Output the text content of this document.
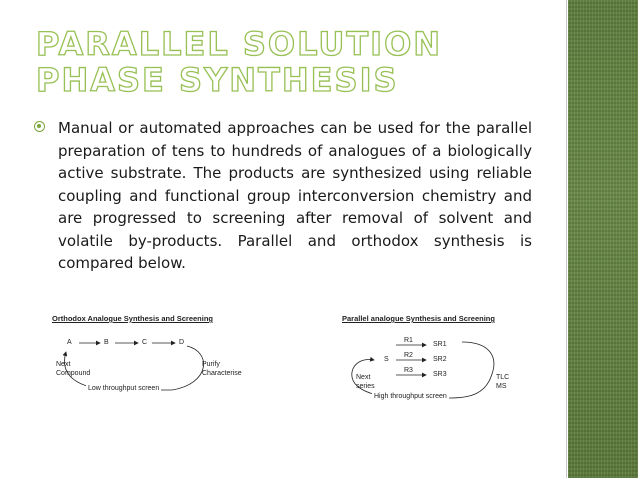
PARALLEL SOLUTION PHASE SYNTHESIS
Manual or automated approaches can be used for the parallel preparation of tens to hundreds of analogues of a biologically active substrate. The products are synthesized using reliable coupling and functional group interconversion chemistry and are progressed to screening after removal of solvent and volatile by-products. Parallel and orthodox synthesis is compared below.
Orthodox Analogue Synthesis and Screening
A	B	C	D
Next
Compound
Purify
Characterise
Low throughput screen
Parallel analogue Synthesis and Screening
S
R1
R2
R3
SR1
SR2
SR3
Next
series
TLC
MS
High throughput screen
